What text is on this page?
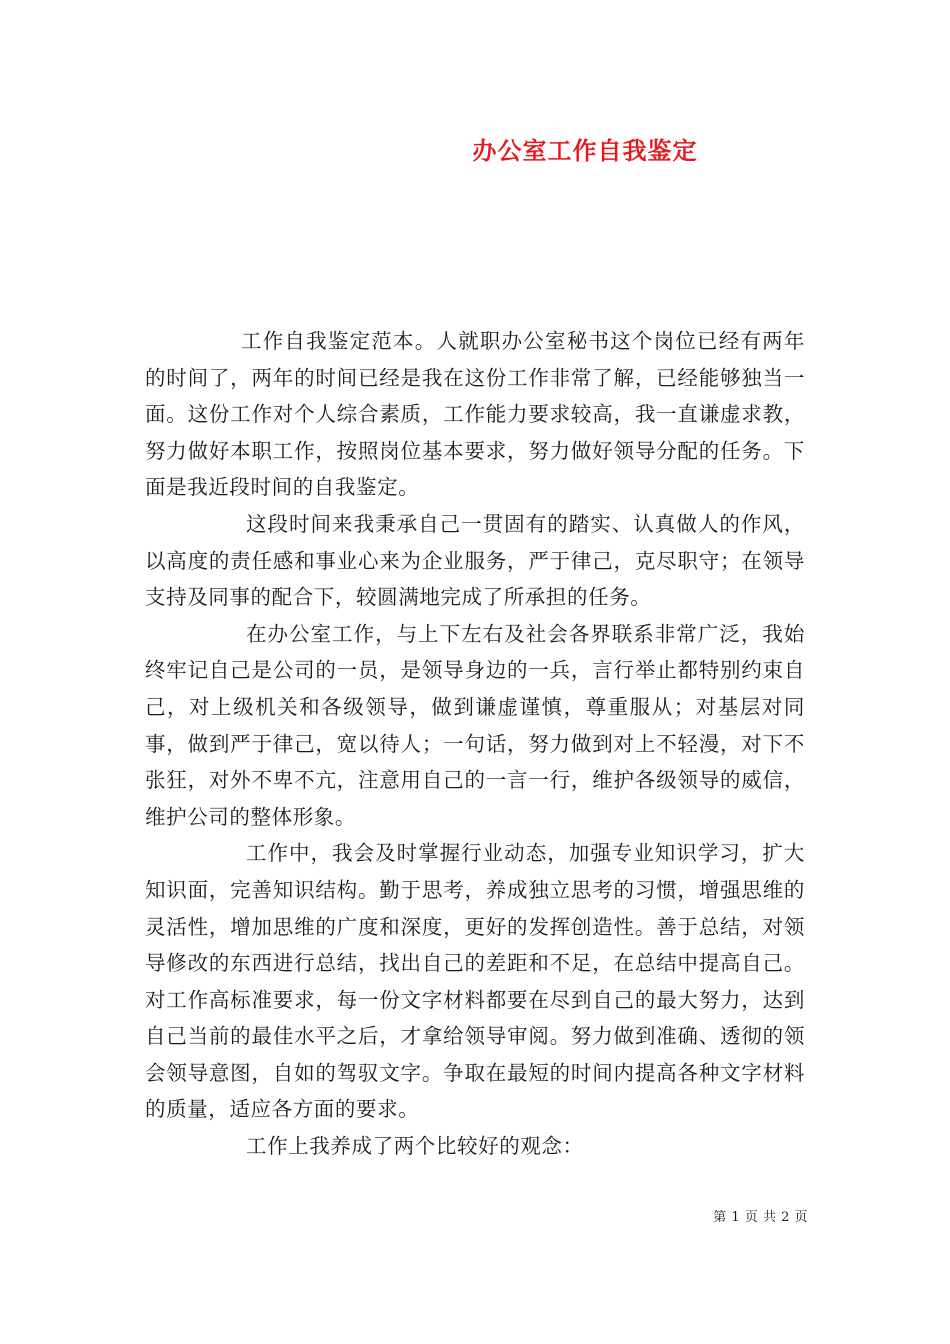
办公室工作自我鉴定

工作自我鉴定范本。人就职办公室秘书这个岗位已经有两年的时间了，两年的时间已经是我在这份工作非常了解，已经能够独当一面。这份工作对个人综合素质，工作能力要求较高，我一直谦虚求教，努力做好本职工作，按照岗位基本要求，努力做好领导分配的任务。下面是我近段时间的自我鉴定。

这段时间来我秉承自己一贯固有的踏实、认真做人的作风，以高度的责任感和事业心来为企业服务，严于律己，克尽职守；在领导支持及同事的配合下，较圆满地完成了所承担的任务。

在办公室工作，与上下左右及社会各界联系非常广泛，我始终牢记自己是公司的一员，是领导身边的一兵，言行举止都特别约束自己，对上级机关和各级领导，做到谦虚谨慎，尊重服从；对基层对同事，做到严于律己，宽以待人；一句话，努力做到对上不轻漫，对下不张狂，对外不卑不亢，注意用自己的一言一行，维护各级领导的威信，维护公司的整体形象。

工作中，我会及时掌握行业动态，加强专业知识学习，扩大知识面，完善知识结构。勤于思考，养成独立思考的习惯，增强思维的灵活性，增加思维的广度和深度，更好的发挥创造性。善于总结，对领导修改的东西进行总结，找出自己的差距和不足，在总结中提高自己。对工作高标准要求，每一份文字材料都要在尽到自己的最大努力，达到自己当前的最佳水平之后，才拿给领导审阅。努力做到准确、透彻的领会领导意图，自如的驾驭文字。争取在最短的时间内提高各种文字材料的质量，适应各方面的要求。

工作上我养成了两个比较好的观念：

第 1 页 共 2 页
